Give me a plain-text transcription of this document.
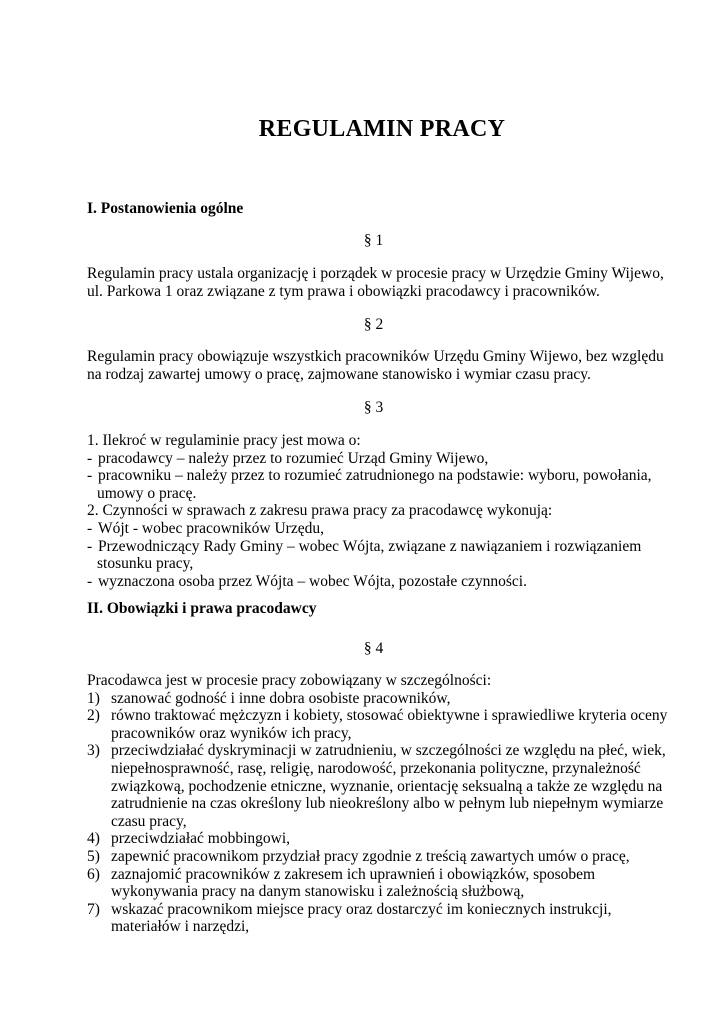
REGULAMIN PRACY
I. Postanowienia ogólne
§ 1
Regulamin pracy ustala organizację i porządek w procesie pracy w Urzędzie Gminy Wijewo,
ul. Parkowa 1 oraz związane z tym prawa i obowiązki pracodawcy i pracowników.
§ 2
Regulamin pracy obowiązuje wszystkich pracowników Urzędu Gminy Wijewo, bez względu
na rodzaj zawartej umowy o pracę, zajmowane stanowisko i wymiar czasu pracy.
§ 3
1. Ilekroć w regulaminie pracy jest mowa o:
- pracodawcy – należy przez to rozumieć Urząd Gminy Wijewo,
- pracowniku – należy przez to rozumieć zatrudnionego na podstawie: wyboru, powołania,
umowy o pracę.
2. Czynności w sprawach z zakresu prawa pracy za pracodawcę wykonują:
- Wójt - wobec pracowników Urzędu,
- Przewodniczący Rady Gminy – wobec Wójta, związane z nawiązaniem i rozwiązaniem
stosunku pracy,
- wyznaczona osoba przez Wójta – wobec Wójta, pozostałe czynności.
II. Obowiązki i prawa pracodawcy
§ 4
Pracodawca jest w procesie pracy zobowiązany w szczególności:
1) szanować godność i inne dobra osobiste pracowników,
2) równo traktować mężczyzn i kobiety, stosować obiektywne i sprawiedliwe kryteria oceny
pracowników oraz wyników ich pracy,
3) przeciwdziałać dyskryminacji w zatrudnieniu, w szczególności ze względu na płeć, wiek,
niepełnosprawność, rasę, religię, narodowość, przekonania polityczne, przynależność
związkową, pochodzenie etniczne, wyznanie, orientację seksualną a także ze względu na
zatrudnienie na czas określony lub nieokreślony albo w pełnym lub niepełnym wymiarze
czasu pracy,
4) przeciwdziałać mobbingowi,
5) zapewnić pracownikom przydział pracy zgodnie z treścią zawartych umów o pracę,
6) zaznajomić pracowników z zakresem ich uprawnień i obowiązków, sposobem
wykonywania pracy na danym stanowisku i zależnością służbową,
7) wskazać pracownikom miejsce pracy oraz dostarczyć im koniecznych instrukcji,
materiałów i narzędzi,
